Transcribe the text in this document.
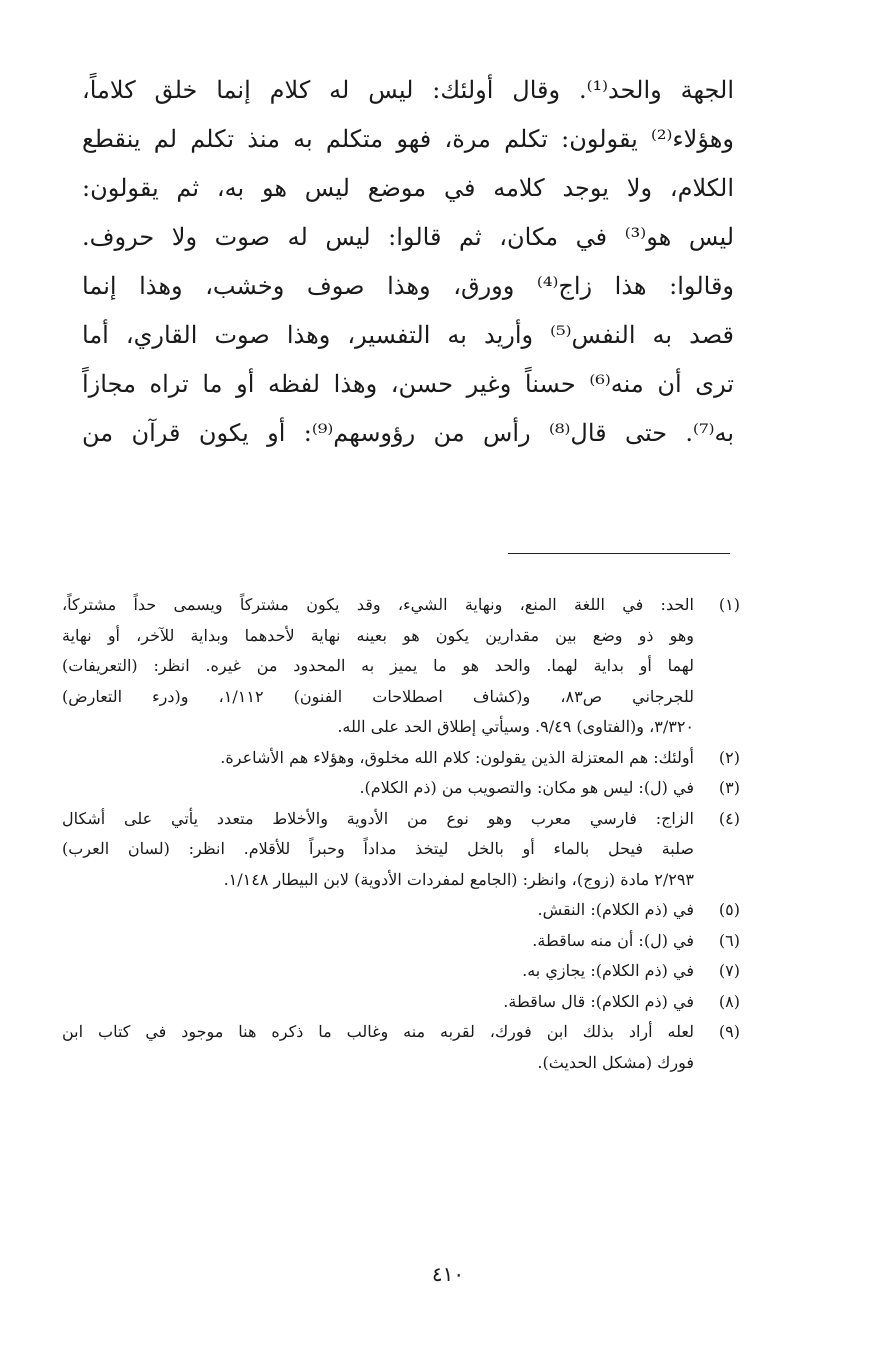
الجهة والحد⁽¹⁾. وقال أولئك: ليس له كلام إنما خلق كلاماً،
وهؤلاء⁽²⁾ يقولون: تكلم مرة، فهو متكلم به منذ تكلم لم ينقطع
الكلام، ولا يوجد كلامه في موضع ليس هو به، ثم يقولون:
ليس هو⁽³⁾ في مكان، ثم قالوا: ليس له صوت ولا حروف.
وقالوا: هذا زاج⁽⁴⁾ وورق، وهذا صوف وخشب، وهذا إنما
قصد به النفس⁽⁵⁾ وأريد به التفسير، وهذا صوت القاري، أما
ترى أن منه⁽⁶⁾ حسناً وغير حسن، وهذا لفظه أو ما تراه مجازاً
به⁽⁷⁾. حتى قال⁽⁸⁾ رأس من رؤوسهم⁽⁹⁾: أو يكون قرآن من
(١)
الحد: في اللغة المنع، ونهاية الشيء، وقد يكون مشتركاً ويسمى حداً مشتركاً،
وهو ذو وضع بين مقدارين يكون هو بعينه نهاية لأحدهما وبداية للآخر، أو نهاية
لهما أو بداية لهما. والحد هو ما يميز به المحدود من غيره. انظر: (التعريفات)
للجرجاني ص٨٣، و(كشاف اصطلاحات الفنون) ١/١١٢، و(درء التعارض)
٣/٣٢٠، و(الفتاوى) ٩/٤٩. وسيأتي إطلاق الحد على الله.
(٢)
أولئك: هم المعتزلة الذين يقولون: كلام الله مخلوق، وهؤلاء هم الأشاعرة.
(٣)
في (ل): ليس هو مكان: والتصويب من (ذم الكلام).
(٤)
الزاج: فارسي معرب وهو نوع من الأدوية والأخلاط متعدد يأتي على أشكال
صلبة فيحل بالماء أو بالخل ليتخذ مداداً وحبراً للأقلام. انظر: (لسان العرب)
٢/٢٩٣ مادة (زوج)، وانظر: (الجامع لمفردات الأدوية) لابن البيطار ١/١٤٨.
(٥)
في (ذم الكلام): النقش.
(٦)
في (ل): أن منه ساقطة.
(٧)
في (ذم الكلام): يجازي به.
(٨)
في (ذم الكلام): قال ساقطة.
(٩)
لعله أراد بذلك ابن فورك، لقربه منه وغالب ما ذكره هنا موجود في كتاب ابن
فورك (مشكل الحديث).
٤١٠
